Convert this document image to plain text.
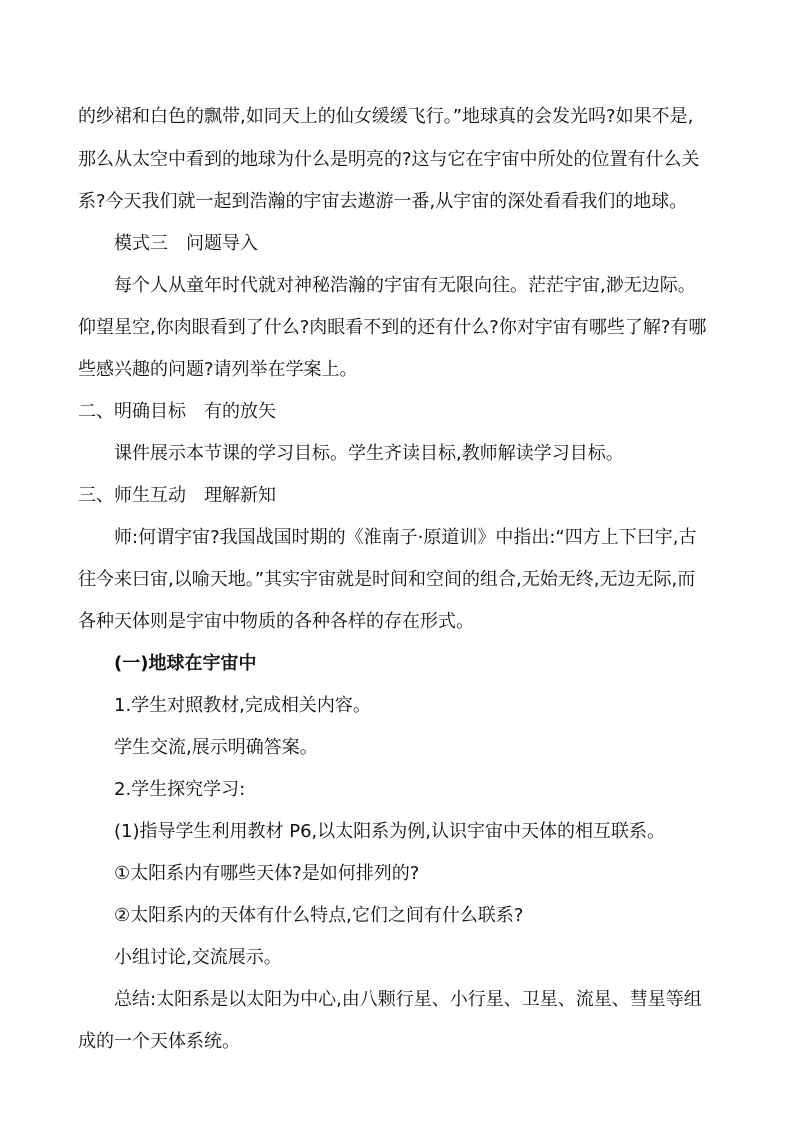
的纱裙和白色的飘带,如同天上的仙女缓缓飞行。”地球真的会发光吗?如果不是,
那么从太空中看到的地球为什么是明亮的?这与它在宇宙中所处的位置有什么关
系?今天我们就一起到浩瀚的宇宙去遨游一番,从宇宙的深处看看我们的地球。
模式三　问题导入
每个人从童年时代就对神秘浩瀚的宇宙有无限向往。茫茫宇宙,渺无边际。
仰望星空,你肉眼看到了什么?肉眼看不到的还有什么?你对宇宙有哪些了解?有哪
些感兴趣的问题?请列举在学案上。
二、明确目标　有的放矢
课件展示本节课的学习目标。学生齐读目标,教师解读学习目标。
三、师生互动　理解新知
师:何谓宇宙?我国战国时期的《淮南子·原道训》中指出:“四方上下曰宇,古
往今来曰宙,以喻天地。”其实宇宙就是时间和空间的组合,无始无终,无边无际,而
各种天体则是宇宙中物质的各种各样的存在形式。
(一)地球在宇宙中
1.学生对照教材,完成相关内容。
学生交流,展示明确答案。
2.学生探究学习:
(1)指导学生利用教材 P6,以太阳系为例,认识宇宙中天体的相互联系。
①太阳系内有哪些天体?是如何排列的?
②太阳系内的天体有什么特点,它们之间有什么联系?
小组讨论,交流展示。
总结:太阳系是以太阳为中心,由八颗行星、小行星、卫星、流星、彗星等组
成的一个天体系统。
